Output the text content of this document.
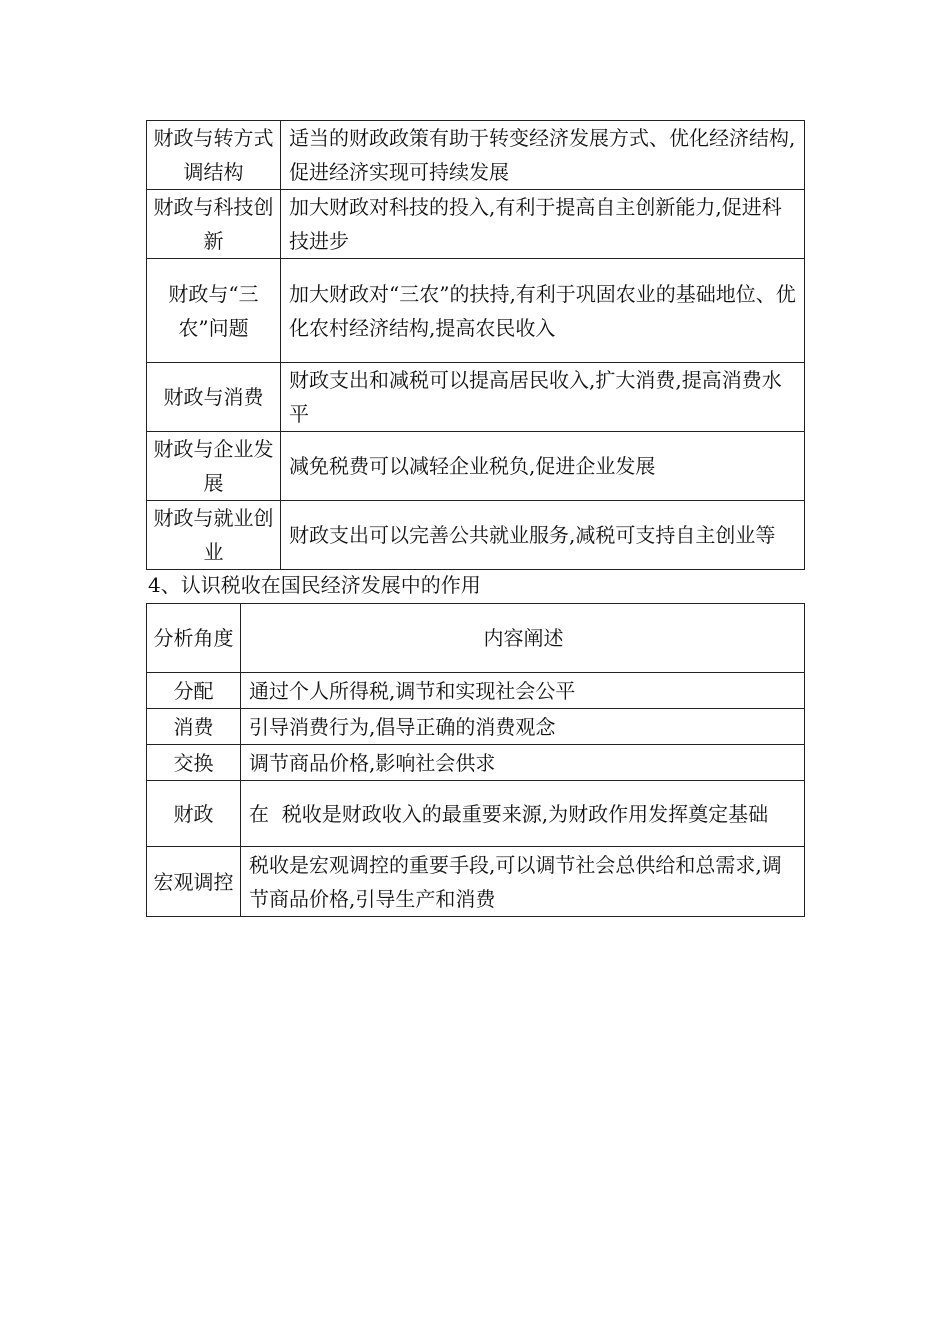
财政与转方式调结构	适当的财政政策有助于转变经济发展方式、优化经济结构,促进经济实现可持续发展
财政与科技创新	加大财政对科技的投入,有利于提高自主创新能力,促进科技进步
财政与“三农”问题	加大财政对“三农”的扶持,有利于巩固农业的基础地位、优化农村经济结构,提高农民收入
财政与消费	财政支出和减税可以提高居民收入,扩大消费,提高消费水平
财政与企业发展	减免税费可以减轻企业税负,促进企业发展
财政与就业创业	财政支出可以完善公共就业服务,减税可支持自主创业等
4、认识税收在国民经济发展中的作用
分析角度	内容阐述
分配	通过个人所得税,调节和实现社会公平
消费	引导消费行为,倡导正确的消费观念
交换	调节商品价格,影响社会供求
财政	在  税收是财政收入的最重要来源,为财政作用发挥奠定基础
宏观调控	税收是宏观调控的重要手段,可以调节社会总供给和总需求,调节商品价格,引导生产和消费
